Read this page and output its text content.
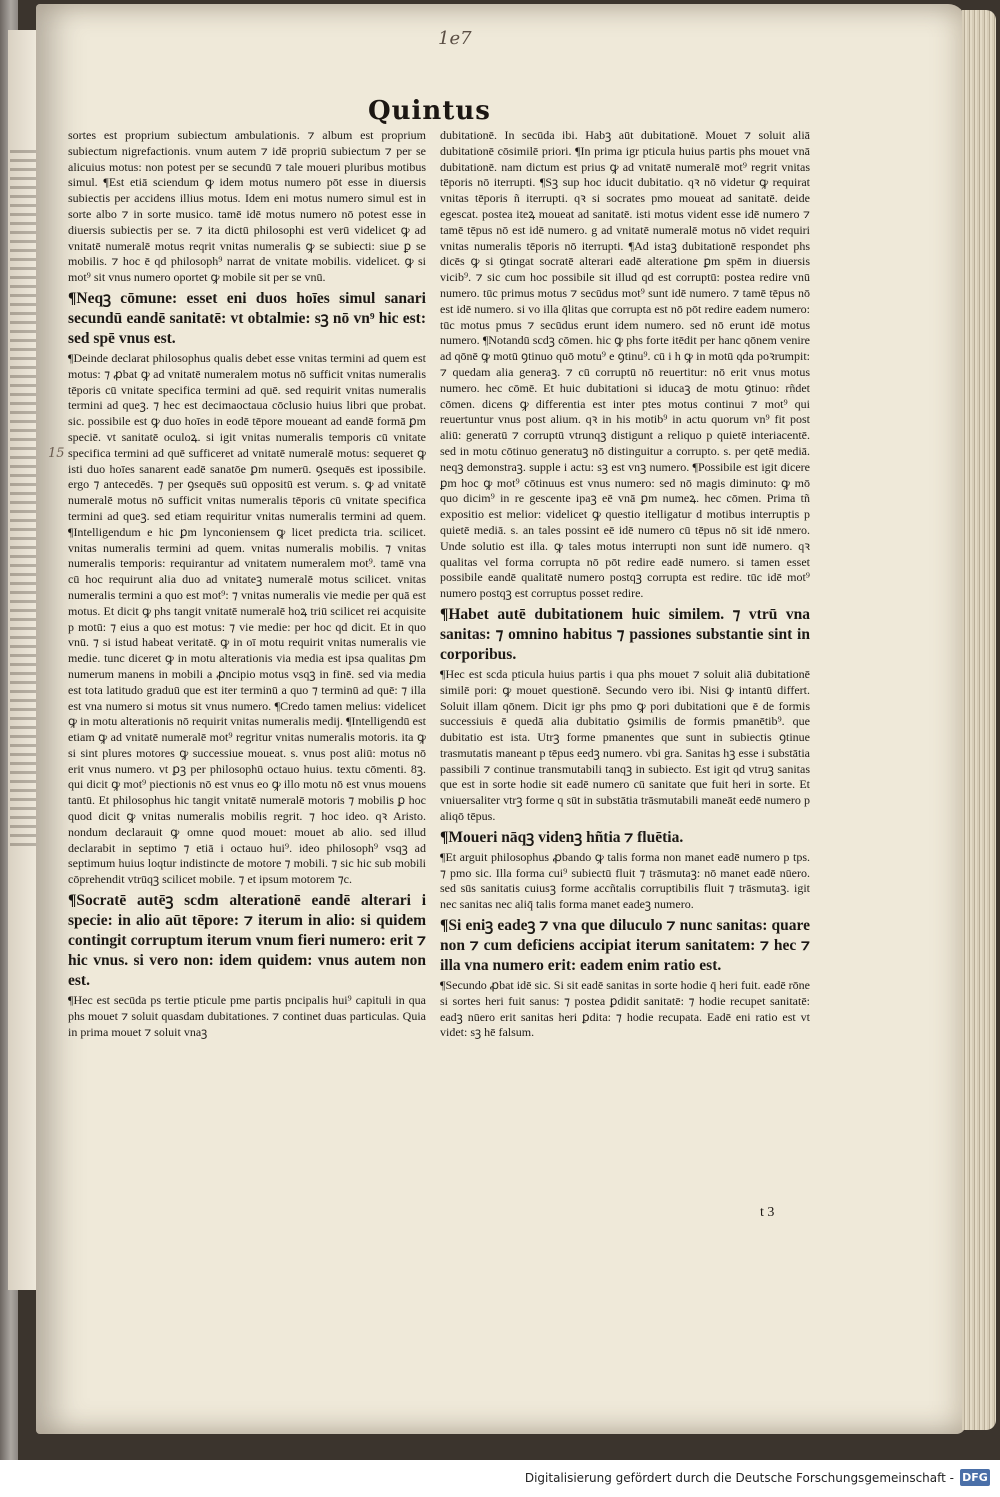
1e7
Quintus
15

sortes est proprium subiectum ambulationis. ⁊ album est proprium subiectum nigrefactionis. vnum autem ⁊ idē propriū subiectum ⁊ per se alicuius motus: non potest per se secundū ⁊ tale moueri pluribus motibus simul. ¶Est etiā sciendum ꝙ idem motus numero pōt esse in diuersis subiectis per accidens illius motus. Idem eni motus numero simul est in sorte albo ⁊ in sorte musico. tamē idē motus numero nō potest esse in diuersis subiectis per se. ⁊ ita dictū philosophi est verū videlicet ꝙ ad vnitatē numeralē motus reqrit vnitas numeralis ꝙ se subiecti: siue ꝑ se mobilis. ⁊ hoc ē qd philosoph⁹ narrat de vnitate mobilis. videlicet. ꝙ si mot⁹ sit vnus numero oportet ꝙ mobile sit per se vnū.

¶Neqꝫ cōmune: esset eni duos hoīes simul sanari secundū eandē sanitatē: vt obtalmie: sꝫ nō vn⁹ hic est: sed spē vnus est.

¶Deinde declarat philosophus qualis debet esse vnitas termini ad quem est motus: ⁊ ꝓbat ꝙ ad vnitatē numeralem motus nō sufficit vnitas numeralis tēporis cū vnitate specifica termini ad quē. sed requirit vnitas numeralis termini ad queꝫ. ⁊ hec est decimaoctaua cōclusio huius libri que probat. sic. possibile est ꝙ duo hoīes in eodē tēpore moueant ad eandē formā ꝑm speciē. vt sanitatē oculoꝝ. si igit vnitas numeralis temporis cū vnitate specifica termini ad quē sufficeret ad vnitatē numeralē motus: sequeret ꝙ isti duo hoīes sanarent eadē sanatōe ꝑm numerū. ꝯsequēs est ipossibile. ergo ⁊ antecedēs. ⁊ per ꝯsequēs suū oppositū est verum. s. ꝙ ad vnitatē numeralē motus nō sufficit vnitas numeralis tēporis cū vnitate specifica termini ad queꝫ. sed etiam requiritur vnitas numeralis termini ad quem. ¶Intelligendum e hic ꝑm lynconiensem ꝙ licet predicta tria. scilicet. vnitas numeralis termini ad quem. vnitas numeralis mobilis. ⁊ vnitas numeralis temporis: requirantur ad vnitatem numeralem mot⁹. tamē vna cū hoc requirunt alia duo ad vnitateꝫ numeralē motus scilicet. vnitas numeralis termini a quo est mot⁹: ⁊ vnitas numeralis vie medie per quā est motus. Et dicit ꝙ phs tangit vnitatē numeralē hoꝝ triū scilicet rei acquisite p motū: ⁊ eius a quo est motus: ⁊ vie medie: per hoc qd dicit. Et in quo vnū. ⁊ si istud habeat veritatē. ꝙ in oī motu requirit vnitas numeralis vie medie. tunc diceret ꝙ in motu alterationis via media est ipsa qualitas ꝑm numerum manens in mobili a ꝓncipio motus vsqꝫ in finē. sed via media est tota latitudo graduū que est iter terminū a quo ⁊ terminū ad quē: ⁊ illa est vna numero si motus sit vnus numero. ¶Credo tamen melius: videlicet ꝙ in motu alterationis nō requirit vnitas numeralis medij. ¶Intelligendū est etiam ꝙ ad vnitatē numeralē mot⁹ regritur vnitas numeralis motoris. ita ꝙ si sint plures motores ꝙ successiue moueat. s. vnus post aliū: motus nō erit vnus numero. vt ꝑꝫ per philosophū octauo huius. textu cōmenti. 8ꝫ. qui dicit ꝙ mot⁹ piectionis nō est vnus eo ꝙ illo motu nō est vnus mouens tantū. Et philosophus hic tangit vnitatē numeralē motoris ⁊ mobilis ꝑ hoc quod dicit ꝙ vnitas numeralis mobilis regrit. ⁊ hoc ideo. qꝛ Aristo. nondum declarauit ꝙ omne quod mouet: mouet ab alio. sed illud declarabit in septimo ⁊ etiā i octauo hui⁹. ideo philosoph⁹ vsqꝫ ad septimum huius loqtur indistincte de motore ⁊ mobili. ⁊ sic hic sub mobili cōprehendit vtrūqꝫ scilicet mobile. ⁊ et ipsum motorem ⁊c.

¶Socratē autēꝫ scdm alterationē eandē alterari i specie: in alio aūt tēpore: ⁊ iterum in alio: si quidem contingit corruptum iterum vnum fieri numero: erit ⁊ hic vnus. si vero non: idem quidem: vnus autem non est.

¶Hec est secūda ps tertie pticule pme partis pncipalis hui⁹ capituli in qua phs mouet ⁊ soluit quasdam dubitationes. ⁊ continet duas particulas. Quia in prima mouet ⁊ soluit vnaꝫ

dubitationē. In secūda ibi. Habꝫ aūt dubitationē. Mouet ⁊ soluit aliā dubitationē cōsimilē priori. ¶In prima igr pticula huius partis phs mouet vnā dubitationē. nam dictum est prius ꝙ ad vnitatē numeralē mot⁹ regrit vnitas tēporis nō iterrupti. ¶Sꝫ sup hoc iducit dubitatio. qꝛ nō videtur ꝙ requirat vnitas tēporis ñ iterrupti. qꝛ si socrates pmo moueat ad sanitatē. deide egescat. postea iteꝝ moueat ad sanitatē. isti motus vident esse idē numero ⁊ tamē tēpus nō est idē numero. g ad vnitatē numeralē motus nō videt requiri vnitas numeralis tēporis nō iterrupti. ¶Ad istaꝫ dubitationē respondet phs dicēs ꝙ si ꝯtingat socratē alterari eadē alteratione ꝑm spēm in diuersis vicib⁹. ⁊ sic cum hoc possibile sit illud qd est corruptū: postea redire vnū numero. tūc primus motus ⁊ secūdus mot⁹ sunt idē numero. ⁊ tamē tēpus nō est idē numero. si vo illa q̄litas que corrupta est nō pōt redire eadem numero: tūc motus pmus ⁊ secūdus erunt idem numero. sed nō erunt idē motus numero. ¶Notandū scdꝫ cōmen. hic ꝙ phs forte itēdit per hanc qōnem venire ad qōnē ꝙ motū ꝯtinuo quō motu⁹ e ꝯtinu⁹. cū i h ꝙ in motū qda poꝛrumpit: ⁊ quedam alia generaꝫ. ⁊ cū corruptū nō reuertitur: nō erit vnus motus numero. hec cōmē. Et huic dubitationi si iducaꝫ de motu ꝯtinuo: rñdet cōmen. dicens ꝙ differentia est inter ptes motus continui ⁊ mot⁹ qui reuertuntur vnus post alium. qꝛ in his motib⁹ in actu quorum vn⁹ fit post aliū: generatū ⁊ corruptū vtrunqꝫ distigunt a reliquo p quietē interiacentē. sed in motu cōtinuo generatuꝫ nō distinguitur a corrupto. s. per qetē mediā. neqꝫ demonstraꝫ. supple i actu: sꝫ est vnꝫ numero. ¶Possibile est igit dicere ꝑm hoc ꝙ mot⁹ cōtinuus est vnus numero: sed nō magis diminuto: ꝙ mō quo dicim⁹ in re gescente ipaꝫ eē vnā ꝑm numeꝝ. hec cōmen. Prima tñ expositio est melior: videlicet ꝙ questio itelligatur d motibus interruptis p quietē mediā. s. an tales possint eē idē numero cū tēpus nō sit idē nmero. Unde solutio est illa. ꝙ tales motus interrupti non sunt idē numero. qꝛ qualitas vel forma corrupta nō pōt redire eadē numero. si tamen esset possibile eandē qualitatē numero postqꝫ corrupta est redire. tūc idē mot⁹ numero postqꝫ est corruptus posset redire.

¶Habet autē dubitationem huic similem. ⁊ vtrū vna sanitas: ⁊ omnino habitus ⁊ passiones substantie sint in corporibus.

¶Hec est scda pticula huius partis i qua phs mouet ⁊ soluit aliā dubitationē similē pori: ꝙ mouet questionē. Secundo vero ibi. Nisi ꝙ intantū differt. Soluit illam qōnem. Dicit igr phs pmo ꝙ pori dubitationi que ē de formis successiuis ē quedā alia dubitatio ꝯsimilis de formis pmanētib⁹. que dubitatio est ista. Utrꝫ forme pmanentes que sunt in subiectis ꝯtinue trasmutatis maneant p tēpus eedꝫ numero. vbi gra. Sanitas hꝫ esse i substātia passibili ⁊ continue transmutabili tanqꝫ in subiecto. Est igit qd vtruꝫ sanitas que est in sorte hodie sit eadē numero cū sanitate que fuit heri in sorte. Et vniuersaliter vtrꝫ forme q sūt in substātia trāsmutabili maneāt eedē numero p aliqō tēpus.

¶Moueri nāqꝫ videnꝫ hñtia ⁊ fluētia.

¶Et arguit philosophus ꝓbando ꝙ talis forma non manet eadē numero p tps. ⁊ pmo sic. Illa forma cui⁹ subiectū fluit ⁊ trāsmutaꝫ: nō manet eadē nūero. sed sūs sanitatis cuiusꝫ forme accñtalis corruptibilis fluit ⁊ trāsmutaꝫ. igit nec sanitas nec aliq̄ talis forma manet eadeꝫ numero.

¶Si eniꝫ eadeꝫ ⁊ vna que diluculo ⁊ nunc sanitas: quare non ⁊ cum deficiens accipiat iterum sanitatem: ⁊ hec ⁊ illa vna numero erit: eadem enim ratio est.

¶Secundo ꝓbat idē sic. Si sit eadē sanitas in sorte hodie q̄ heri fuit. eadē rōne si sortes heri fuit sanus: ⁊ postea ꝑdidit sanitatē: ⁊ hodie recupet sanitatē: eadꝫ nūero erit sanitas heri ꝑdita: ⁊ hodie recupata. Eadē eni ratio est vt videt: sꝫ hē falsum.

t 3
Digitalisierung gefördert durch die Deutsche Forschungsgemeinschaft - DFG
